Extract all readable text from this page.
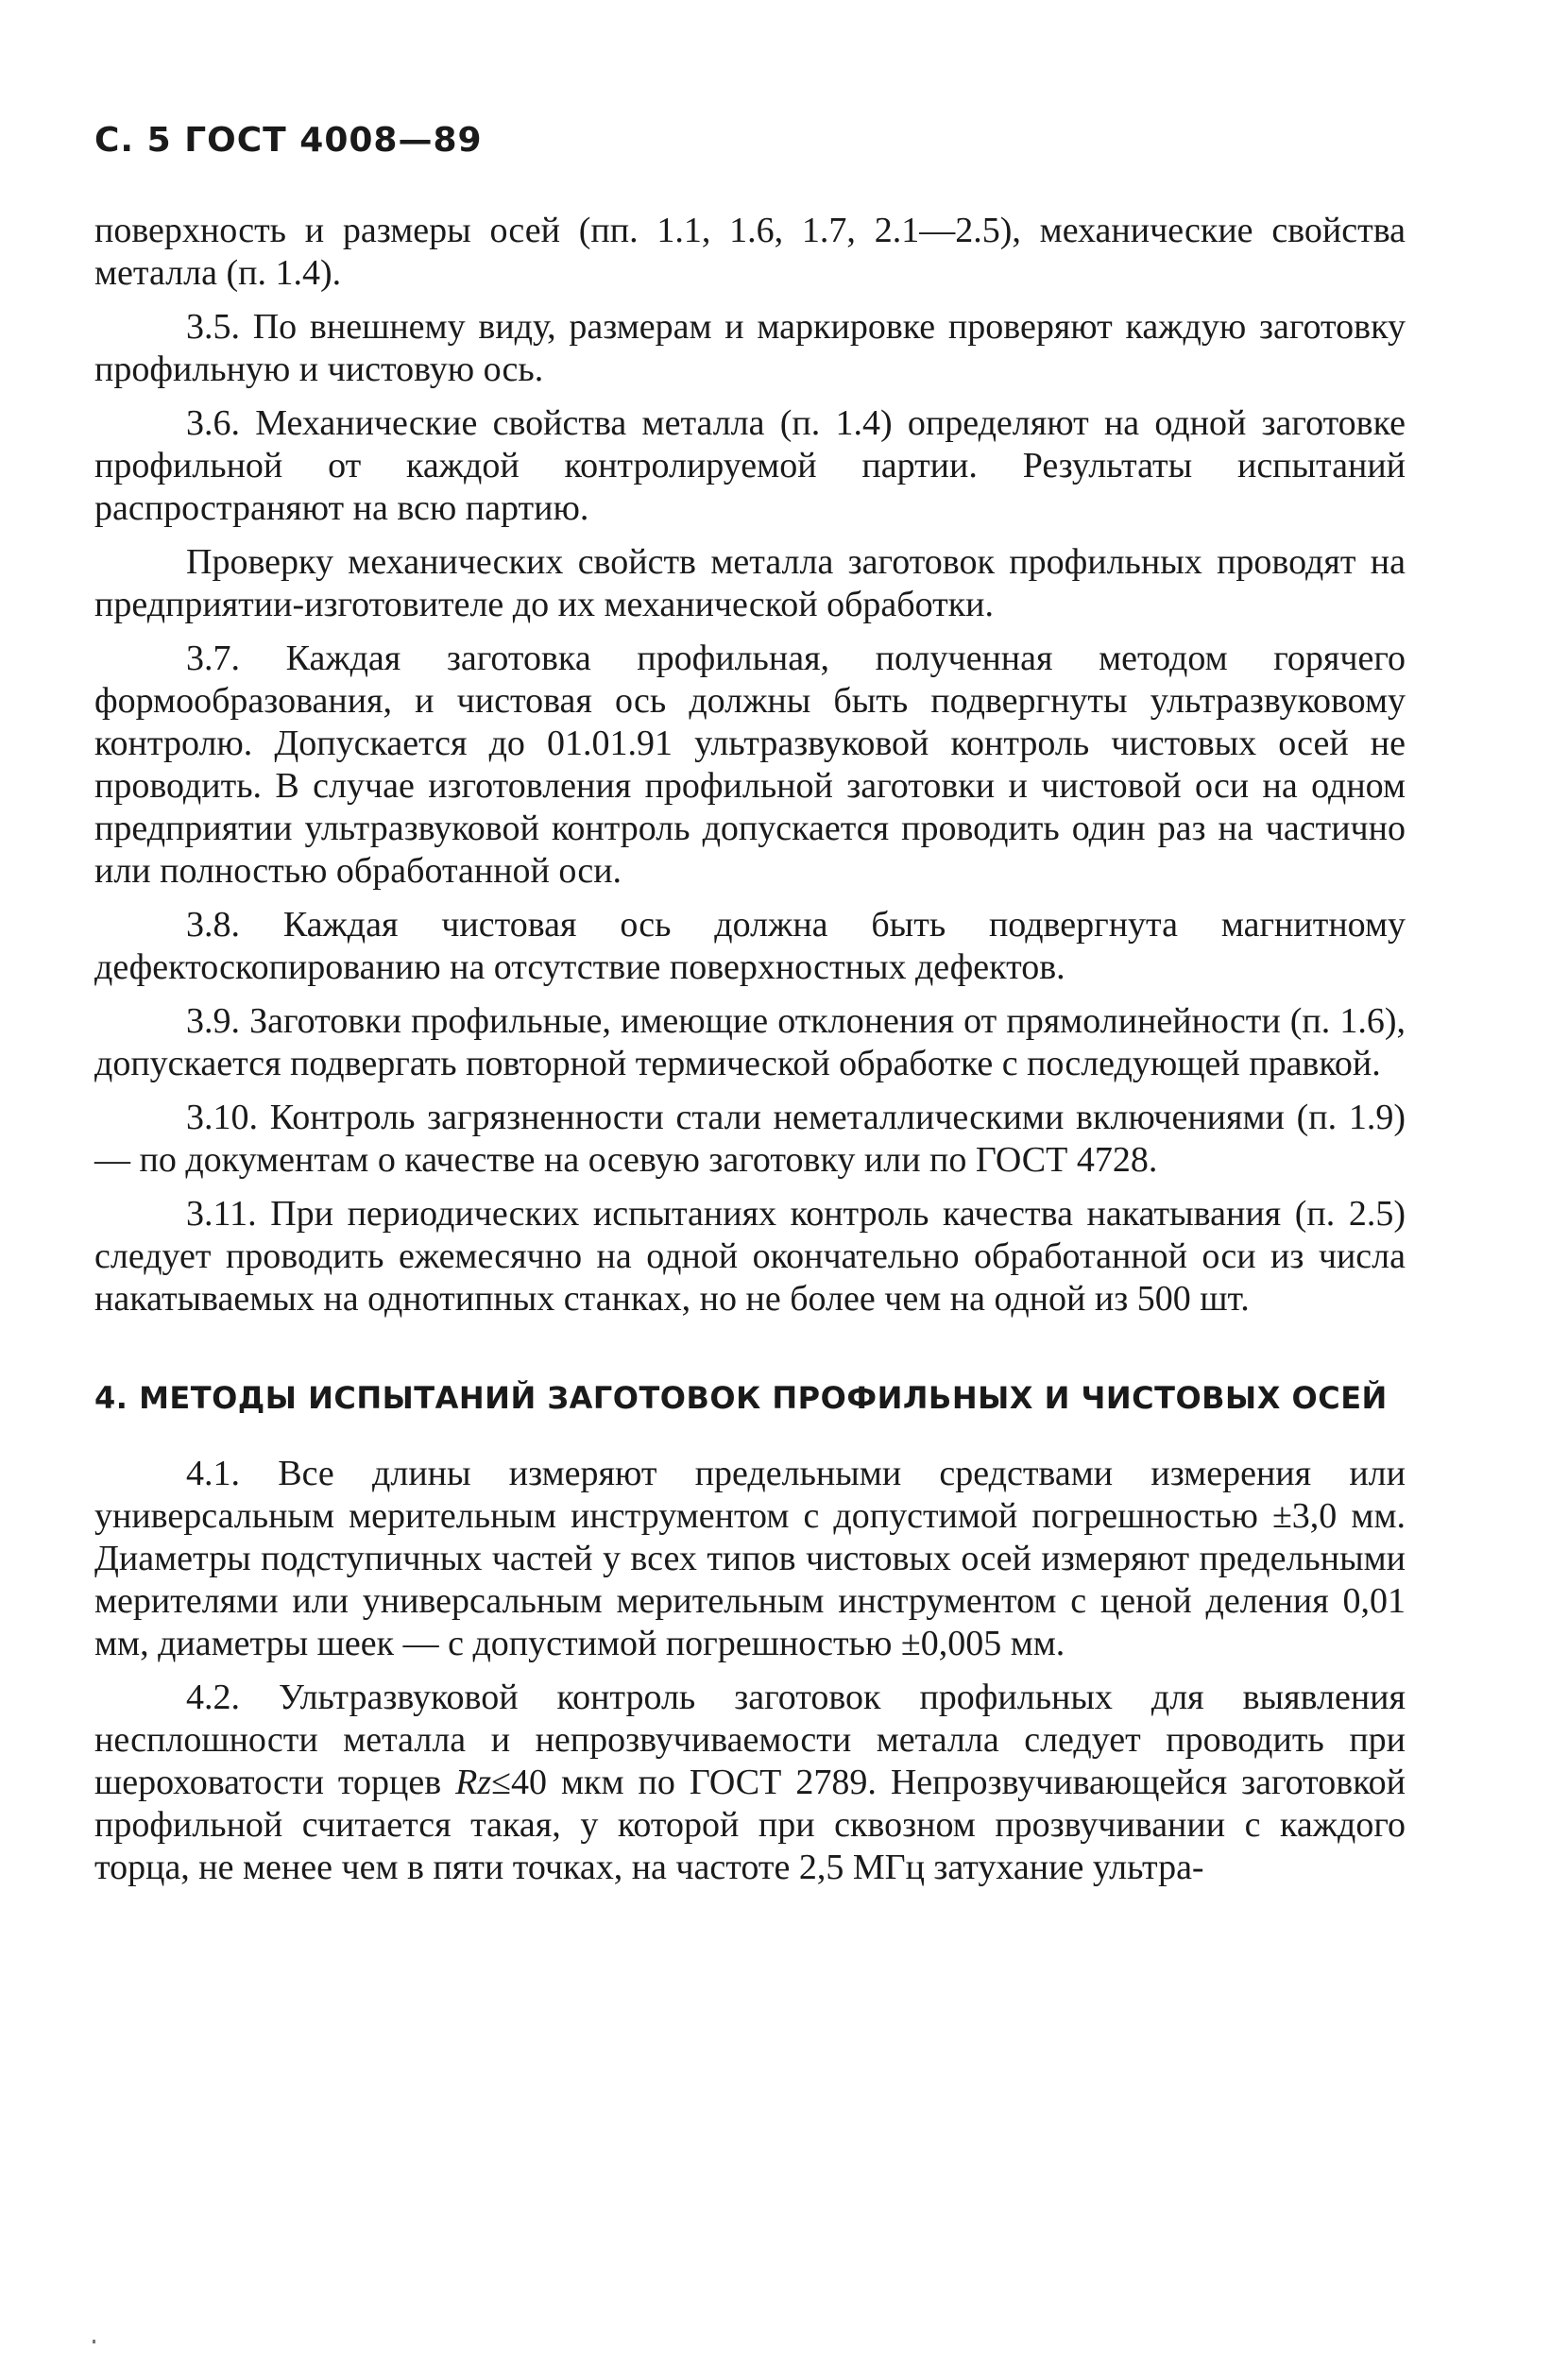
С. 5 ГОСТ 4008—89

поверхность и размеры осей (пп. 1.1, 1.6, 1.7, 2.1—2.5), механические свойства металла (п. 1.4).

3.5. По внешнему виду, размерам и маркировке проверяют каждую заготовку профильную и чистовую ось.

3.6. Механические свойства металла (п. 1.4) определяют на одной заготовке профильной от каждой контролируемой партии. Результаты испытаний распространяют на всю партию.

Проверку механических свойств металла заготовок профильных проводят на предприятии-изготовителе до их механической обработки.

3.7. Каждая заготовка профильная, полученная методом горячего формообразования, и чистовая ось должны быть подвергнуты ультразвуковому контролю. Допускается до 01.01.91 ультразвуковой контроль чистовых осей не проводить. В случае изготовления профильной заготовки и чистовой оси на одном предприятии ультразвуковой контроль допускается проводить один раз на частично или полностью обработанной оси.

3.8. Каждая чистовая ось должна быть подвергнута магнитному дефектоскопированию на отсутствие поверхностных дефектов.

3.9. Заготовки профильные, имеющие отклонения от прямолинейности (п. 1.6), допускается подвергать повторной термической обработке с последующей правкой.

3.10. Контроль загрязненности стали неметаллическими включениями (п. 1.9) — по документам о качестве на осевую заготовку или по ГОСТ 4728.

3.11. При периодических испытаниях контроль качества накатывания (п. 2.5) следует проводить ежемесячно на одной окончательно обработанной оси из числа накатываемых на однотипных станках, но не более чем на одной из 500 шт.

4. МЕТОДЫ ИСПЫТАНИЙ ЗАГОТОВОК ПРОФИЛЬНЫХ И ЧИСТОВЫХ ОСЕЙ

4.1. Все длины измеряют предельными средствами измерения или универсальным мерительным инструментом с допустимой погрешностью ±3,0 мм. Диаметры подступичных частей у всех типов чистовых осей измеряют предельными мерителями или универсальным мерительным инструментом с ценой деления 0,01 мм, диаметры шеек — с допустимой погрешностью ±0,005 мм.

4.2. Ультразвуковой контроль заготовок профильных для выявления несплошности металла и непрозвучиваемости металла следует проводить при шероховатости торцев Rz≤40 мкм по ГОСТ 2789. Непрозвучивающейся заготовкой профильной считается такая, у которой при сквозном прозвучивании с каждого торца, не менее чем в пяти точках, на частоте 2,5 МГц затухание ультра-
